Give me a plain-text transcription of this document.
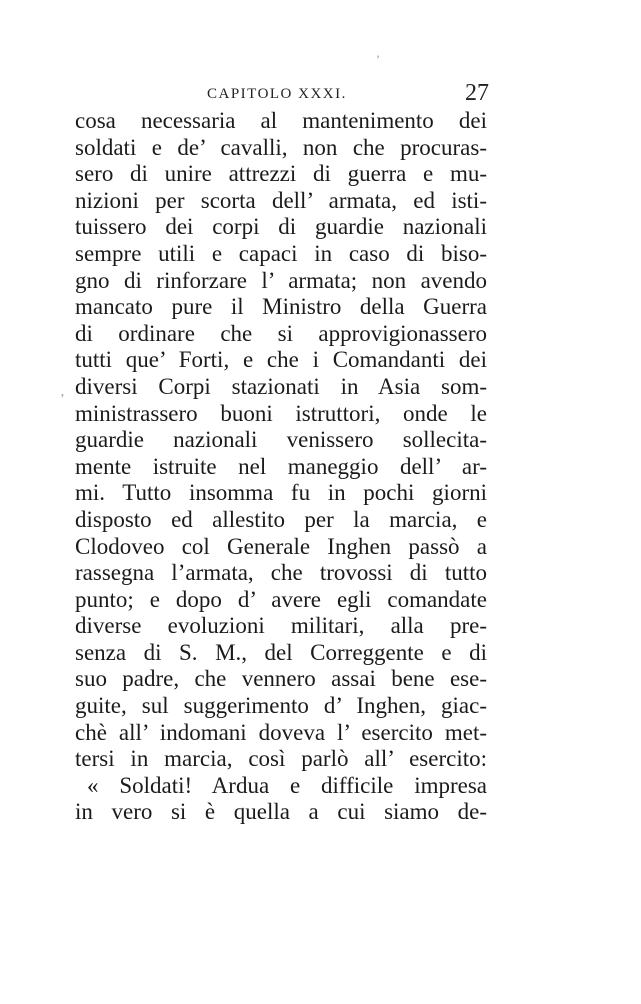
’
CAPITOLO XXXI.	27
’
cosa necessaria al mantenimento dei
soldati e de’ cavalli, non che procuras-
sero di unire attrezzi di guerra e mu-
nizioni per scorta dell’ armata, ed isti-
tuissero dei corpi di guardie nazionali
sempre utili e capaci in caso di biso-
gno di rinforzare l’ armata; non avendo
mancato pure il Ministro della Guerra
di ordinare che si approvigionassero
tutti que’ Forti, e che i Comandanti dei
diversi Corpi stazionati in Asia som-
ministrassero buoni istruttori, onde le
guardie nazionali venissero sollecita-
mente istruite nel maneggio dell’ ar-
mi. Tutto insomma fu in pochi giorni
disposto ed allestito per la marcia, e
Clodoveo col Generale Inghen passò a
rassegna l’armata, che trovossi di tutto
punto; e dopo d’ avere egli comandate
diverse evoluzioni militari, alla pre-
senza di S. M., del Correggente e di
suo padre, che vennero assai bene ese-
guite, sul suggerimento d’ Inghen, giac-
chè all’ indomani doveva l’ esercito met-
tersi in marcia, così parlò all’ esercito:
« Soldati! Ardua e difficile impresa
in vero si è quella a cui siamo de-
